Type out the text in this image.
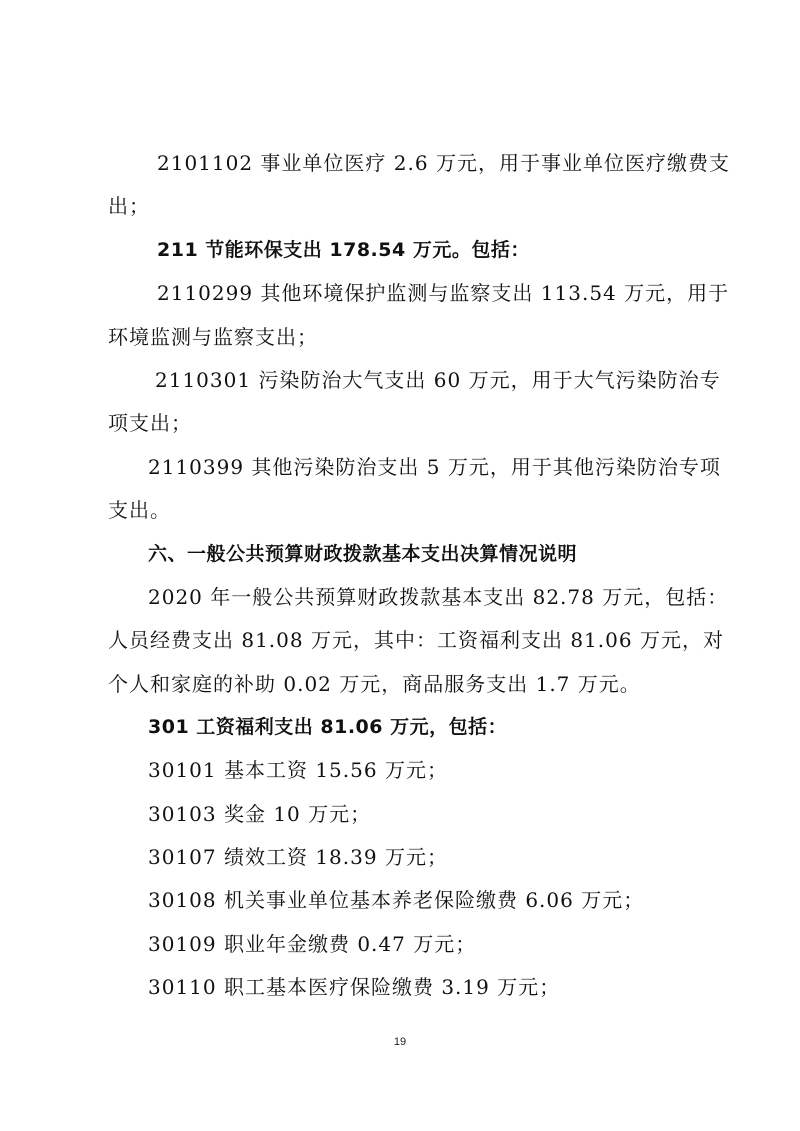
2101102 事业单位医疗 2.6 万元，用于事业单位医疗缴费支
出；
211 节能环保支出 178.54 万元。包括：
2110299 其他环境保护监测与监察支出 113.54 万元，用于
环境监测与监察支出；
2110301 污染防治大气支出 60 万元，用于大气污染防治专
项支出；
2110399 其他污染防治支出 5 万元，用于其他污染防治专项
支出。
六、一般公共预算财政拨款基本支出决算情况说明
2020 年一般公共预算财政拨款基本支出 82.78 万元，包括：
人员经费支出 81.08 万元，其中：工资福利支出 81.06 万元，对
个人和家庭的补助 0.02 万元，商品服务支出 1.7 万元。
301 工资福利支出 81.06 万元，包括：
30101 基本工资 15.56 万元；
30103 奖金 10 万元；
30107 绩效工资 18.39 万元；
30108 机关事业单位基本养老保险缴费 6.06 万元；
30109 职业年金缴费 0.47 万元；
30110 职工基本医疗保险缴费 3.19 万元；
19
